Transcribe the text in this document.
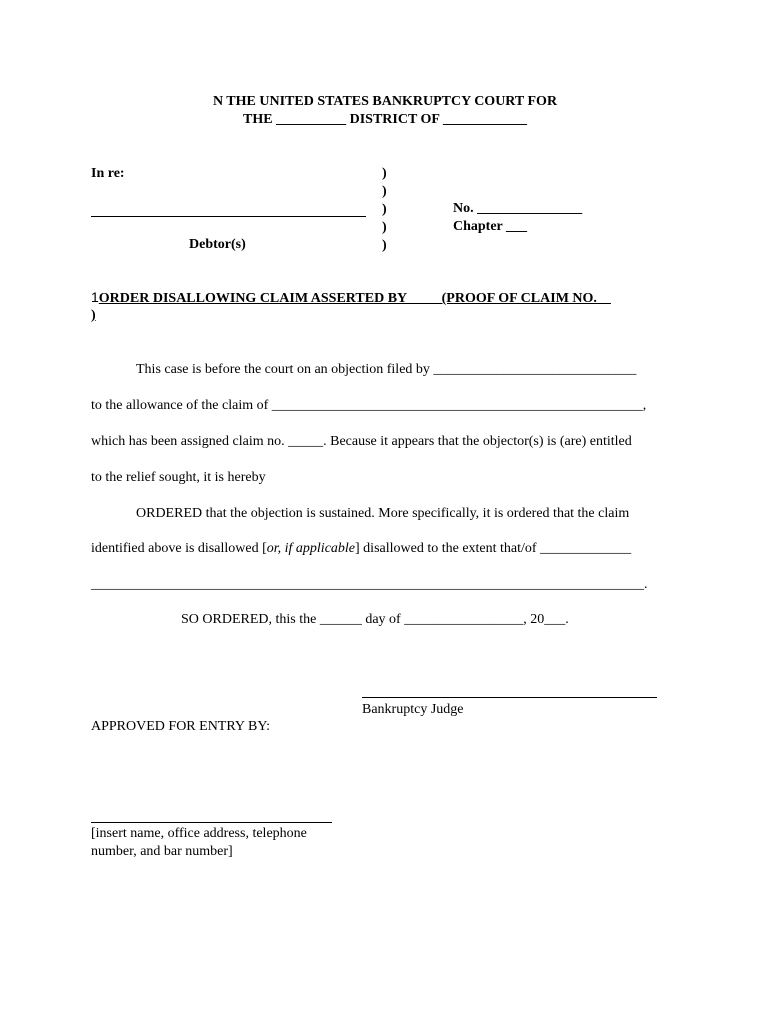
N THE UNITED STATES BANKRUPTCY COURT FOR
THE __________ DISTRICT OF ____________
In re:	)
)
)
)
)
Debtor(s)
No. _______________
Chapter ___
1ORDER DISALLOWING CLAIM ASSERTED BY          (PROOF OF CLAIM NO.
)
This case is before the court on an objection filed by _____________________________
to the allowance of the claim of _____________________________________________________,
which has been assigned claim no. _____. Because it appears that the objector(s) is (are) entitled
to the relief sought, it is hereby
ORDERED that the objection is sustained. More specifically, it is ordered that the claim
identified above is disallowed [or, if applicable] disallowed to the extent that/of _____________
_______________________________________________________________________________.
SO ORDERED, this the ______ day of _________________, 20___.
Bankruptcy Judge
APPROVED FOR ENTRY BY:
[insert name, office address, telephone
number, and bar number]
